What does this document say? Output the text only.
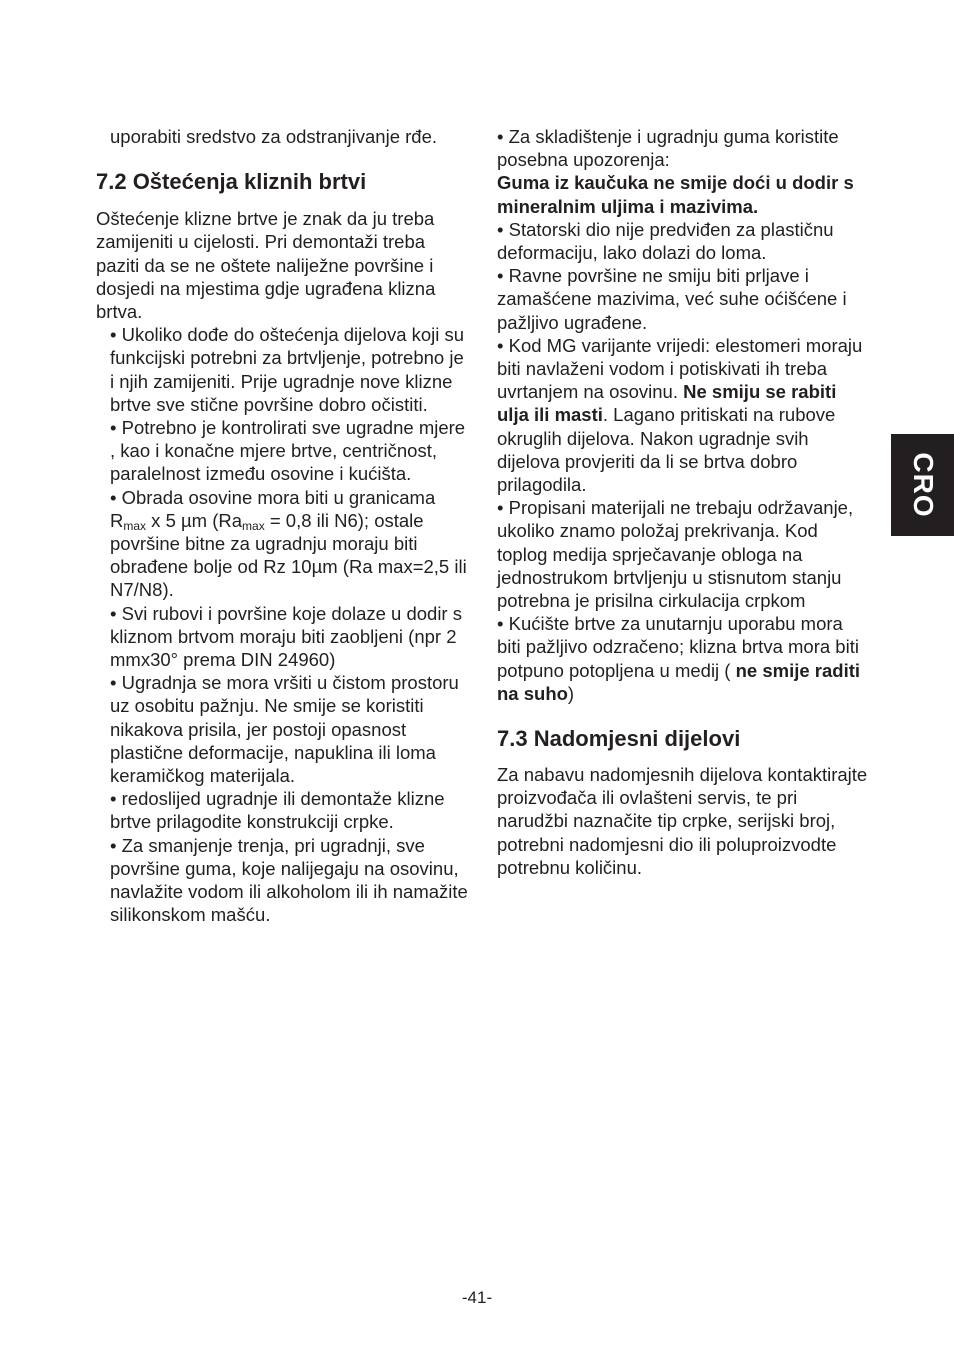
uporabiti sredstvo za odstranjivanje rđe.

7.2 Oštećenja kliznih brtvi

Oštećenje klizne brtve je znak da ju treba zamijeniti u cijelosti. Pri demontaži treba paziti da se ne oštete naliježne površine i dosjedi na mjestima gdje ugrađena klizna brtva.

• Ukoliko dođe do oštećenja dijelova koji su funkcijski potrebni za brtvljenje, potrebno je i njih zamijeniti. Prije ugradnje nove klizne brtve sve stične površine dobro očistiti.

• Potrebno je kontrolirati sve ugradne mjere , kao i konačne mjere brtve, centričnost, paralelnost između osovine i kućišta.

• Obrada osovine mora biti u granicama $R_{max}$ x 5 µm ($Ra_{max} = 0,8$ ili N6); ostale površine bitne za ugradnju moraju biti obrađene bolje od Rz 10µm (Ra max=2,5 ili N7/N8).

• Svi rubovi i površine koje dolaze u dodir s kliznom brtvom moraju biti zaobljeni (npr 2 mmx30° prema DIN 24960)

• Ugradnja se mora vršiti u čistom prostoru uz osobitu pažnju. Ne smije se koristiti nikakova prisila, jer postoji opasnost plastične deformacije, napuklina ili loma keramičkog materijala.

• redoslijed ugradnje ili demontaže klizne brtve prilagodite konstrukciji crpke.

• Za smanjenje trenja, pri ugradnji, sve površine guma, koje nalijegaju na osovinu, navlažite vodom ili alkoholom ili ih namažite silikonskom mašću.

• Za skladištenje i ugradnju guma koristite posebna upozorenja:

Guma iz kaučuka ne smije doći u dodir s mineralnim uljima i mazivima.

• Statorski dio nije predviđen za plastičnu deformaciju, lako dolazi do loma.

• Ravne površine ne smiju biti prljave i zamašćene mazivima, već suhe oćišćene i pažljivo ugrađene.

• Kod MG varijante vrijedi: elestomeri moraju biti navlaženi vodom i potiskivati ih treba uvrtanjem na osovinu. Ne smiju se rabiti ulja ili masti. Lagano pritiskati na rubove okruglih dijelova. Nakon ugradnje svih dijelova provjeriti da li se brtva dobro prilagodila.

• Propisani materijali ne trebaju održavanje, ukoliko znamo položaj prekrivanja. Kod toplog medija sprječavanje obloga na jednostrukom brtvljenju u stisnutom stanju potrebna je prisilna cirkulacija crpkom

• Kućište brtve za unutarnju uporabu mora biti pažljivo odzračeno; klizna brtva mora biti potpuno potopljena u medij ( ne smije raditi na suho)

7.3 Nadomjesni dijelovi

Za nabavu nadomjesnih dijelova kontaktirajte proizvođača ili ovlašteni servis, te pri narudžbi naznačite tip crpke, serijski broj, potrebni nadomjesni dio ili poluproizvodte potrebnu količinu.

CRO
-41-
